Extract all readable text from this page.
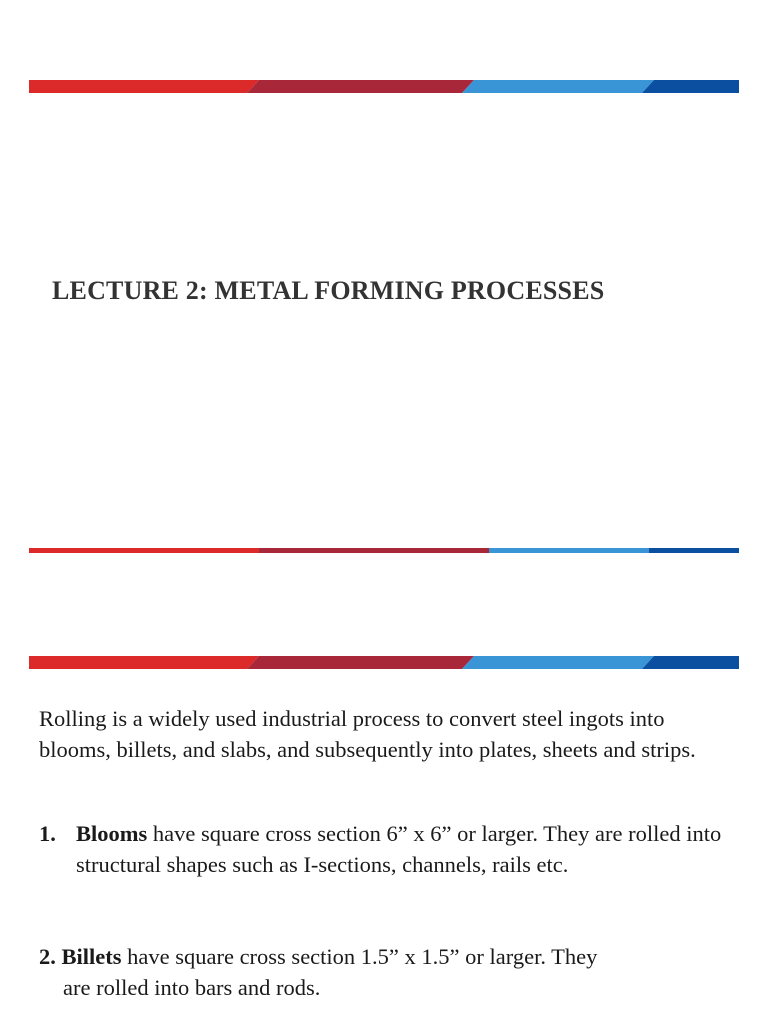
LECTURE 2: METAL FORMING PROCESSES
Rolling is a widely used industrial process to convert steel ingots into blooms, billets, and slabs, and subsequently into plates, sheets and strips.
1. Blooms have square cross section 6” x 6” or larger. They are rolled into structural shapes such as I-sections, channels, rails etc.
2. Billets have square cross section 1.5” x 1.5” or larger. They
are rolled into bars and rods.
